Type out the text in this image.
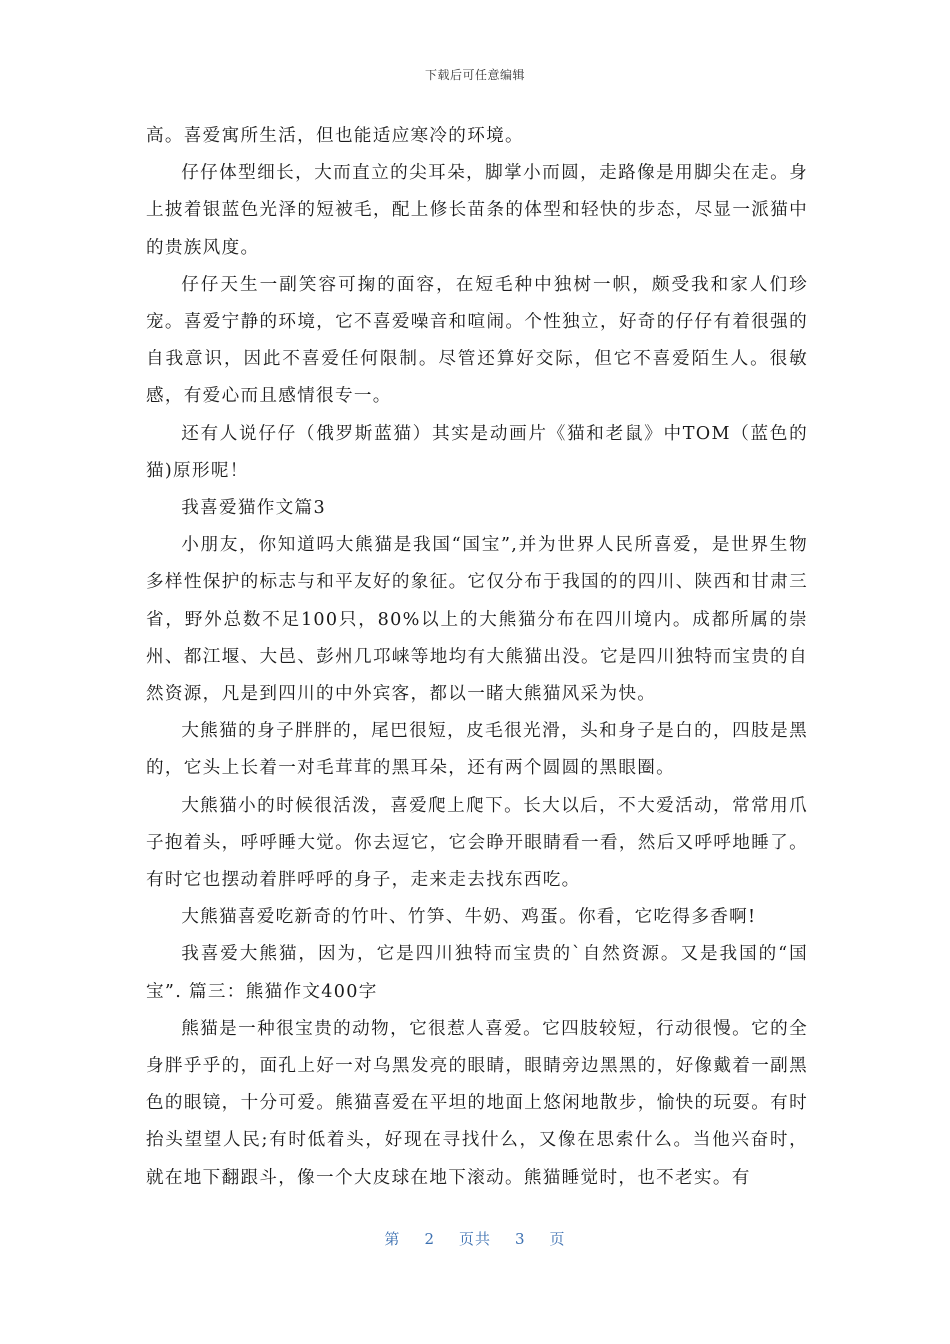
下载后可任意编辑

高。喜爱寓所生活，但也能适应寒冷的环境。

仔仔体型细长，大而直立的尖耳朵，脚掌小而圆，走路像是用脚尖在走。身上披着银蓝色光泽的短被毛，配上修长苗条的体型和轻快的步态，尽显一派猫中的贵族风度。

仔仔天生一副笑容可掬的面容，在短毛种中独树一帜，颇受我和家人们珍宠。喜爱宁静的环境，它不喜爱噪音和喧闹。个性独立，好奇的仔仔有着很强的自我意识，因此不喜爱任何限制。尽管还算好交际，但它不喜爱陌生人。很敏感，有爱心而且感情很专一。

还有人说仔仔（俄罗斯蓝猫）其实是动画片《猫和老鼠》中TOM（蓝色的猫)原形呢！

我喜爱猫作文篇3

小朋友，你知道吗大熊猫是我国“国宝”,并为世界人民所喜爱，是世界生物多样性保护的标志与和平友好的象征。它仅分布于我国的的四川、陕西和甘肃三省，野外总数不足100只，80%以上的大熊猫分布在四川境内。成都所属的崇州、都江堰、大邑、彭州几邛崃等地均有大熊猫出没。它是四川独特而宝贵的自然资源，凡是到四川的中外宾客，都以一睹大熊猫风采为快。

大熊猫的身子胖胖的，尾巴很短，皮毛很光滑，头和身子是白的，四肢是黑的，它头上长着一对毛茸茸的黑耳朵，还有两个圆圆的黑眼圈。

大熊猫小的时候很活泼，喜爱爬上爬下。长大以后，不大爱活动，常常用爪子抱着头，呼呼睡大觉。你去逗它，它会睁开眼睛看一看，然后又呼呼地睡了。有时它也摆动着胖呼呼的身子，走来走去找东西吃。

大熊猫喜爱吃新奇的竹叶、竹笋、牛奶、鸡蛋。你看，它吃得多香啊!

我喜爱大熊猫，因为，它是四川独特而宝贵的`自然资源。又是我国的“国宝”. 篇三：熊猫作文400字

熊猫是一种很宝贵的动物，它很惹人喜爱。它四肢较短，行动很慢。它的全身胖乎乎的，面孔上好一对乌黑发亮的眼睛，眼睛旁边黑黑的，好像戴着一副黑色的眼镜，十分可爱。熊猫喜爱在平坦的地面上悠闲地散步，愉快的玩耍。有时抬头望望人民;有时低着头，好现在寻找什么，又像在思索什么。当他兴奋时，就在地下翻跟斗，像一个大皮球在地下滚动。熊猫睡觉时，也不老实。有

第 2 页共 3 页
